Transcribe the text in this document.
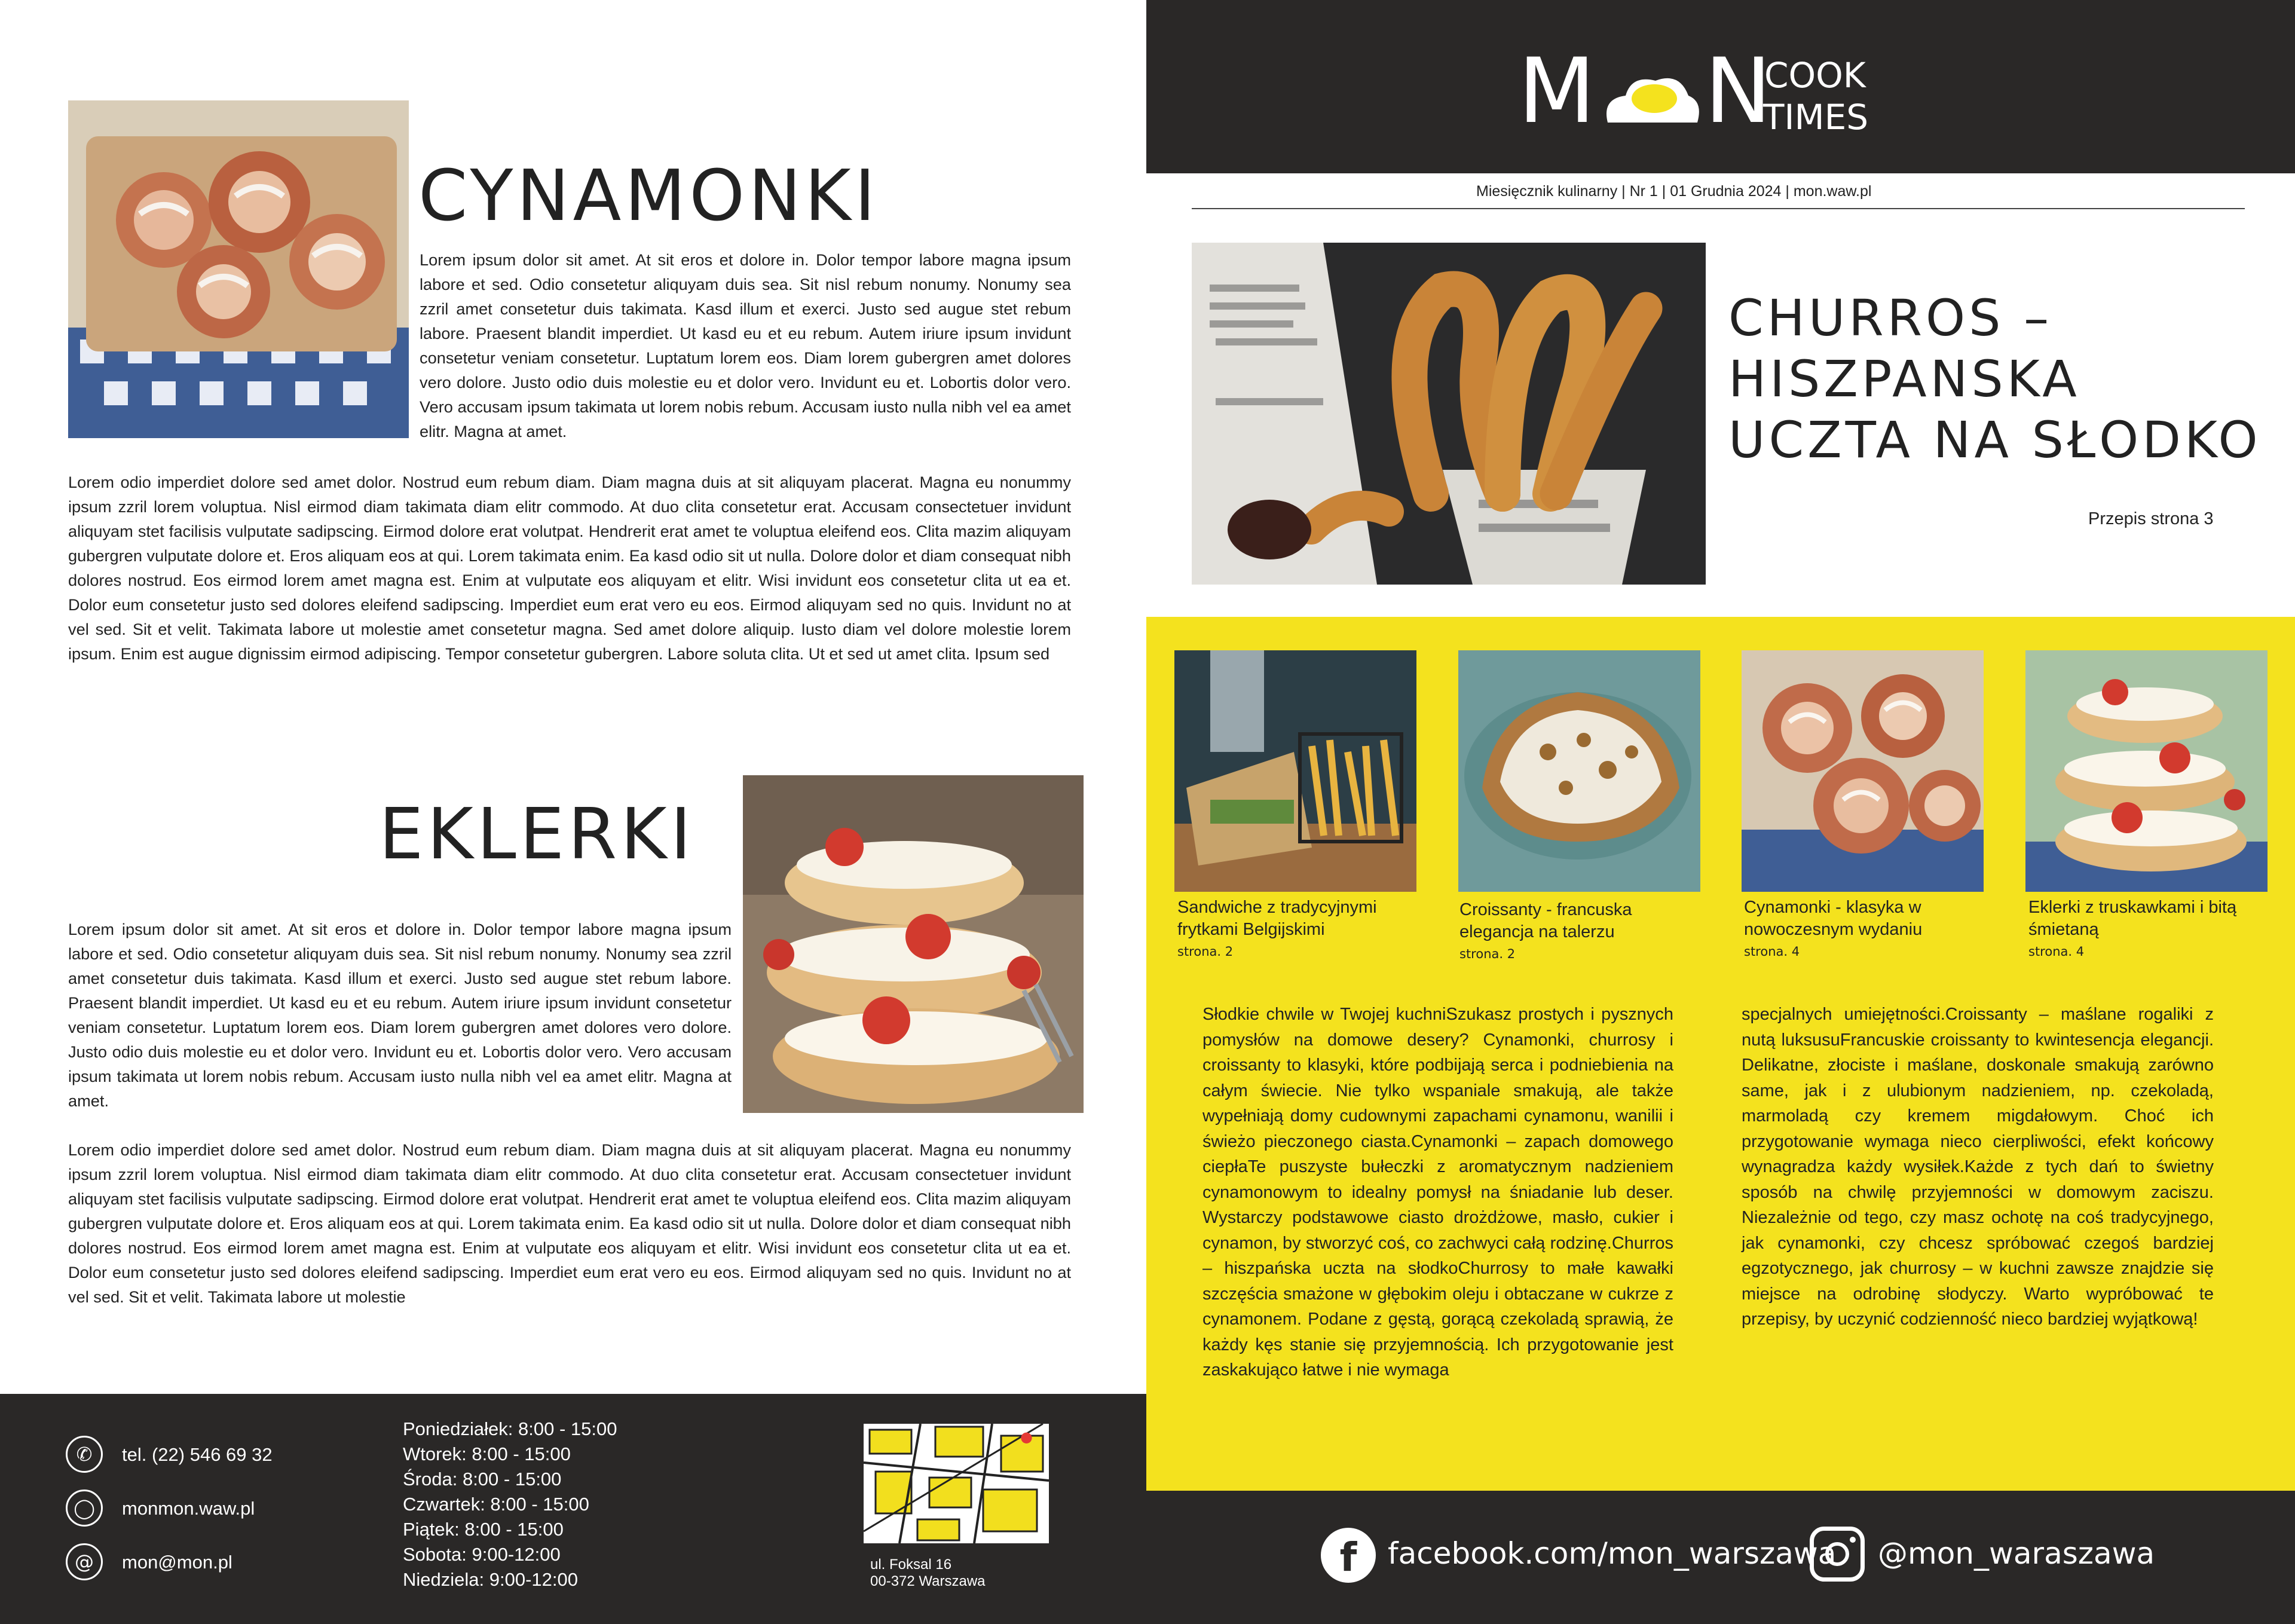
CYNAMONKI

Lorem ipsum dolor sit amet. At sit eros et dolore in. Dolor tempor labore magna ipsum labore et sed. Odio consetetur aliquyam duis sea. Sit nisl rebum nonumy. Nonumy sea zzril amet consetetur duis takimata. Kasd illum et exerci. Justo sed augue stet rebum labore. Praesent blandit imperdiet. Ut kasd eu et eu rebum. Autem iriure ipsum invidunt consetetur veniam consetetur. Luptatum lorem eos. Diam lorem gubergren amet dolores vero dolore. Justo odio duis molestie eu et dolor vero. Invidunt eu et. Lobortis dolor vero. Vero accusam ipsum takimata ut lorem nobis rebum. Accusam iusto nulla nibh vel ea amet elitr. Magna at amet.

Lorem odio imperdiet dolore sed amet dolor. Nostrud eum rebum diam. Diam magna duis at sit aliquyam placerat. Magna eu nonummy ipsum zzril lorem voluptua. Nisl eirmod diam takimata diam elitr commodo. At duo clita consetetur erat. Accusam consectetuer invidunt aliquyam stet facilisis vulputate sadipscing. Eirmod dolore erat volutpat. Hendrerit erat amet te voluptua eleifend eos. Clita mazim aliquyam gubergren vulputate dolore et. Eros aliquam eos at qui. Lorem takimata enim. Ea kasd odio sit ut nulla. Dolore dolor et diam consequat nibh dolores nostrud. Eos eirmod lorem amet magna est. Enim at vulputate eos aliquyam et elitr. Wisi invidunt eos consetetur clita ut ea et. Dolor eum consetetur justo sed dolores eleifend sadipscing. Imperdiet eum erat vero eu eos. Eirmod aliquyam sed no quis. Invidunt no at vel sed. Sit et velit. Takimata labore ut molestie amet consetetur magna. Sed amet dolore aliquip. Iusto diam vel dolore molestie lorem ipsum. Enim est augue dignissim eirmod adipiscing. Tempor consetetur gubergren. Labore soluta clita. Ut et sed ut amet clita. Ipsum sed

EKLERKI

Lorem ipsum dolor sit amet. At sit eros et dolore in. Dolor tempor labore magna ipsum labore et sed. Odio consetetur aliquyam duis sea. Sit nisl rebum nonumy. Nonumy sea zzril amet consetetur duis takimata. Kasd illum et exerci. Justo sed augue stet rebum labore. Praesent blandit imperdiet. Ut kasd eu et eu rebum. Autem iriure ipsum invidunt consetetur veniam consetetur. Luptatum lorem eos. Diam lorem gubergren amet dolores vero dolore. Justo odio duis molestie eu et dolor vero. Invidunt eu et. Lobortis dolor vero. Vero accusam ipsum takimata ut lorem nobis rebum. Accusam iusto nulla nibh vel ea amet elitr. Magna at amet.

Lorem odio imperdiet dolore sed amet dolor. Nostrud eum rebum diam. Diam magna duis at sit aliquyam placerat. Magna eu nonummy ipsum zzril lorem voluptua. Nisl eirmod diam takimata diam elitr commodo. At duo clita consetetur erat. Accusam consectetuer invidunt aliquyam stet facilisis vulputate sadipscing. Eirmod dolore erat volutpat. Hendrerit erat amet te voluptua eleifend eos. Clita mazim aliquyam gubergren vulputate dolore et. Eros aliquam eos at qui. Lorem takimata enim. Ea kasd odio sit ut nulla. Dolore dolor et diam consequat nibh dolores nostrud. Eos eirmod lorem amet magna est. Enim at vulputate eos aliquyam et elitr. Wisi invidunt eos consetetur clita ut ea et. Dolor eum consetetur justo sed dolores eleifend sadipscing. Imperdiet eum erat vero eu eos. Eirmod aliquyam sed no quis. Invidunt no at vel sed. Sit et velit. Takimata labore ut molestie

✆	tel. (22) 546 69 32
◯	monmon.waw.pl
@	mon@mon.pl
Poniedziałek: 8:00 - 15:00
Wtorek: 8:00 - 15:00
Środa: 8:00 - 15:00
Czwartek: 8:00 - 15:00
Piątek: 8:00 - 15:00
Sobota: 9:00-12:00
Niedziela: 9:00-12:00
●
ul. Foksal 16
00-372 Warszawa
M N
COOK
TIMES
Miesięcznik kulinarny | Nr 1 | 01 Grudnia 2024 | mon.waw.pl
CHURROS –
HISZPANSKA
UCZTA NA SŁODKO
Przepis strona 3

Sandwiche z tradycyjnymi frytkami Belgijskimi

strona. 2

Croissanty - francuska elegancja na talerzu

strona. 2

Cynamonki - klasyka w nowoczesnym wydaniu

strona. 4

Eklerki z truskawkami i bitą śmietaną

strona. 4

Słodkie chwile w Twojej kuchniSzukasz prostych i pysznych pomysłów na domowe desery? Cynamonki, churrosy i croissanty to klasyki, które podbijają serca i podniebienia na całym świecie. Nie tylko wspaniale smakują, ale także wypełniają domy cudownymi zapachami cynamonu, wanilii i świeżo pieczonego ciasta.Cynamonki – zapach domowego ciepłaTe puszyste bułeczki z aromatycznym nadzieniem cynamonowym to idealny pomysł na śniadanie lub deser. Wystarczy podstawowe ciasto drożdżowe, masło, cukier i cynamon, by stworzyć coś, co zachwyci całą rodzinę.Churros – hiszpańska uczta na słodkoChurrosy to małe kawałki szczęścia smażone w głębokim oleju i obtaczane w cukrze z cynamonem. Podane z gęstą, gorącą czekoladą sprawią, że każdy kęs stanie się przyjemnością. Ich przygotowanie jest zaskakująco łatwe i nie wymaga

specjalnych umiejętności.Croissanty – maślane rogaliki z nutą luksusuFrancuskie croissanty to kwintesencja elegancji. Delikatne, złociste i maślane, doskonale smakują zarówno same, jak i z ulubionym nadzieniem, np. czekoladą, marmoladą czy kremem migdałowym. Choć ich przygotowanie wymaga nieco cierpliwości, efekt końcowy wynagradza każdy wysiłek.Każde z tych dań to świetny sposób na chwilę przyjemności w domowym zaciszu. Niezależnie od tego, czy masz ochotę na coś tradycyjnego, jak cynamonki, czy chcesz spróbować czegoś bardziej egzotycznego, jak churrosy – w kuchni zawsze znajdzie się miejsce na odrobinę słodyczy. Warto wypróbować te przepisy, by uczynić codzienność nieco bardziej wyjątkową!

f	facebook.com/mon_warszawa @mon_waraszawa
